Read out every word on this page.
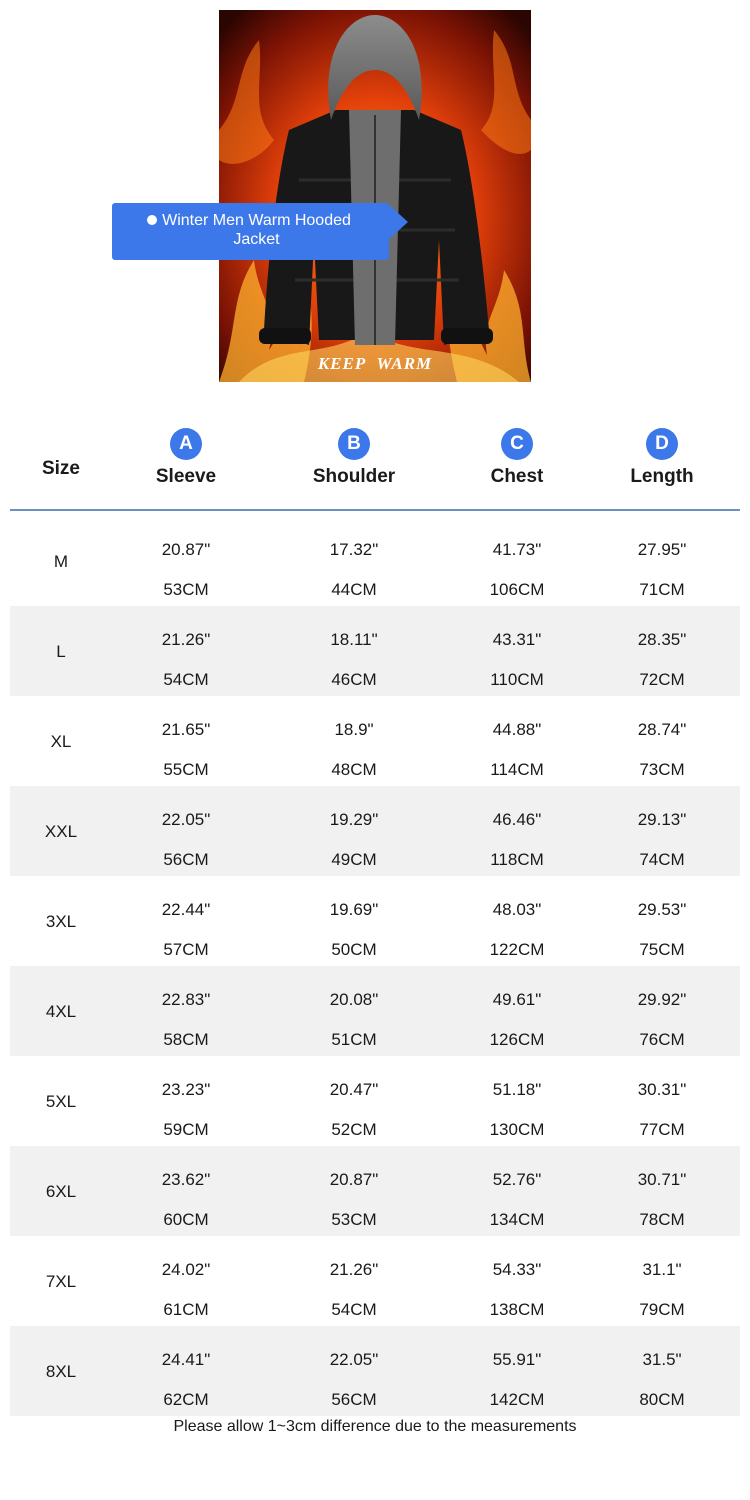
KEEP WARM
Winter Men Warm Hooded Jacket
Size
A
Sleeve
B
Shoulder
C
Chest
D
Length
M
20.87"
53CM
17.32"
44CM
41.73"
106CM
27.95"
71CM
L
21.26"
54CM
18.11"
46CM
43.31"
110CM
28.35"
72CM
XL
21.65"
55CM
18.9"
48CM
44.88"
114CM
28.74"
73CM
XXL
22.05"
56CM
19.29"
49CM
46.46"
118CM
29.13"
74CM
3XL
22.44"
57CM
19.69"
50CM
48.03"
122CM
29.53"
75CM
4XL
22.83"
58CM
20.08"
51CM
49.61"
126CM
29.92"
76CM
5XL
23.23"
59CM
20.47"
52CM
51.18"
130CM
30.31"
77CM
6XL
23.62"
60CM
20.87"
53CM
52.76"
134CM
30.71"
78CM
7XL
24.02"
61CM
21.26"
54CM
54.33"
138CM
31.1"
79CM
8XL
24.41"
62CM
22.05"
56CM
55.91"
142CM
31.5"
80CM
Please allow 1~3cm difference due to the measurements
